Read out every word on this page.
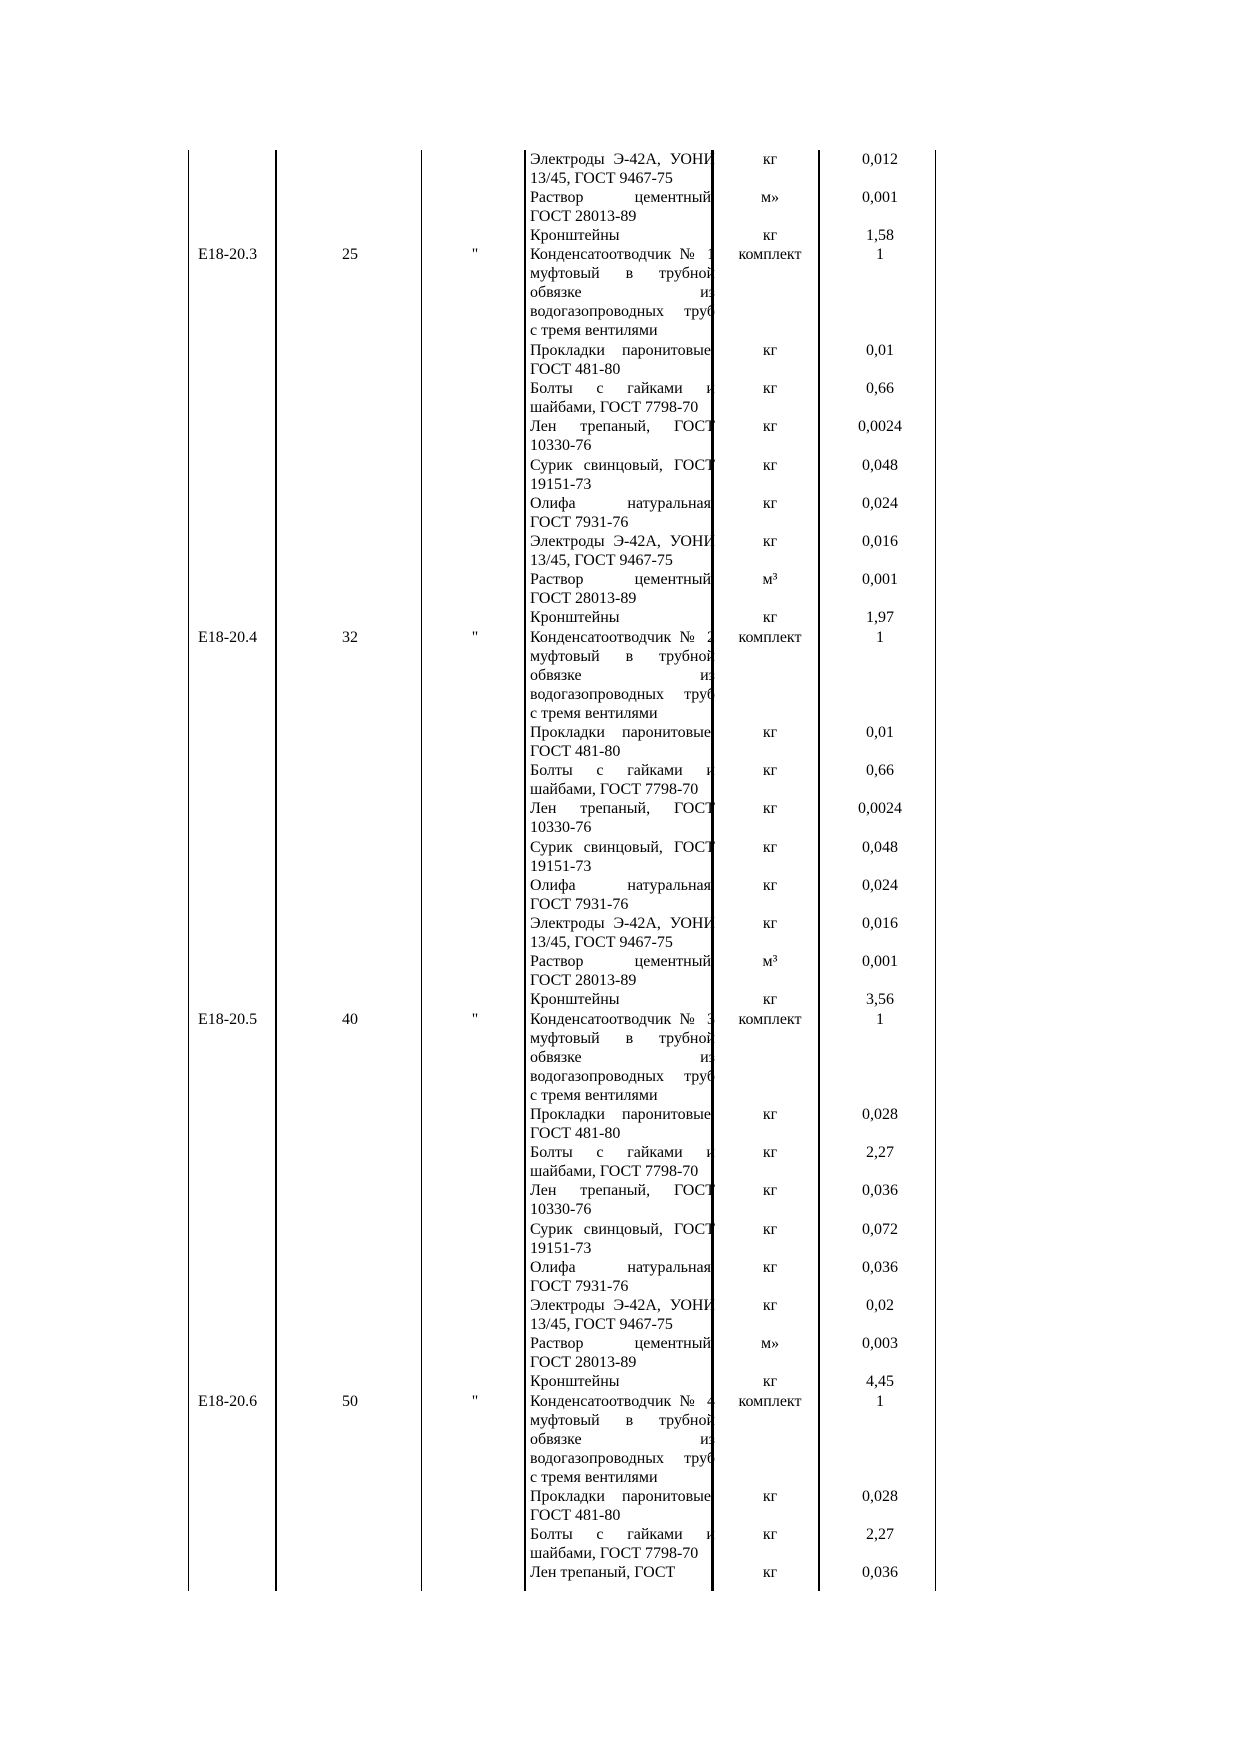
Электроды Э-42А, УОНИ
13/45, ГОСТ 9467-75
кг	0,012
Раствор цементный,
ГОСТ 28013-89
м»	0,001
Кронштейны	кг	1,58
Е18-20.3	25	"	Конденсатоотводчик № 1
муфтовый в трубной
обвязке из
водогазопроводных труб
с тремя вентилями
комплект	1
Прокладки паронитовые,
ГОСТ 481-80
кг	0,01
Болты с гайками и
шайбами, ГОСТ 7798-70
кг	0,66
Лен трепаный, ГОСТ
10330-76
кг	0,0024
Сурик свинцовый, ГОСТ
19151-73
кг	0,048
Олифа натуральная,
ГОСТ 7931-76
кг	0,024
Электроды Э-42А, УОНИ
13/45, ГОСТ 9467-75
кг	0,016
Раствор цементный,
ГОСТ 28013-89
м³	0,001
Кронштейны	кг	1,97
Е18-20.4	32	"	Конденсатоотводчик № 2
муфтовый в трубной
обвязке из
водогазопроводных труб
с тремя вентилями
комплект	1
Прокладки паронитовые,
ГОСТ 481-80
кг	0,01
Болты с гайками и
шайбами, ГОСТ 7798-70
кг	0,66
Лен трепаный, ГОСТ
10330-76
кг	0,0024
Сурик свинцовый, ГОСТ
19151-73
кг	0,048
Олифа натуральная,
ГОСТ 7931-76
кг	0,024
Электроды Э-42А, УОНИ
13/45, ГОСТ 9467-75
кг	0,016
Раствор цементный,
ГОСТ 28013-89
м³	0,001
Кронштейны	кг	3,56
Е18-20.5	40	"	Конденсатоотводчик № 3
муфтовый в трубной
обвязке из
водогазопроводных труб
с тремя вентилями
комплект	1
Прокладки паронитовые,
ГОСТ 481-80
кг	0,028
Болты с гайками и
шайбами, ГОСТ 7798-70
кг	2,27
Лен трепаный, ГОСТ
10330-76
кг	0,036
Сурик свинцовый, ГОСТ
19151-73
кг	0,072
Олифа натуральная,
ГОСТ 7931-76
кг	0,036
Электроды Э-42А, УОНИ
13/45, ГОСТ 9467-75
кг	0,02
Раствор цементный,
ГОСТ 28013-89
м»	0,003
Кронштейны	кг	4,45
Е18-20.6	50	"	Конденсатоотводчик № 4
муфтовый в трубной
обвязке из
водогазопроводных труб
с тремя вентилями
комплект	1
Прокладки паронитовые,
ГОСТ 481-80
кг	0,028
Болты с гайками и
шайбами, ГОСТ 7798-70
кг	2,27
Лен трепаный, ГОСТ	кг	0,036
